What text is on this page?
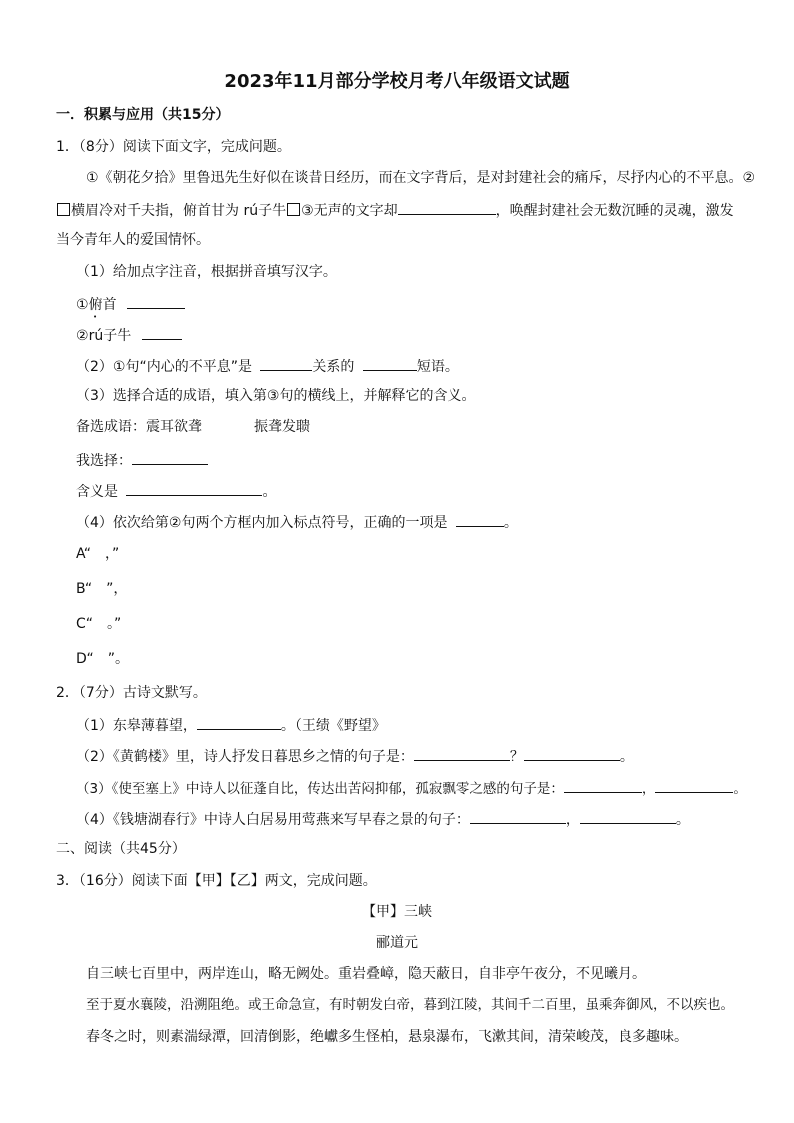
2023年11月部分学校月考八年级语文试题
一．积累与应用（共15分）
1．（8分）阅读下面文字，完成问题。
①《朝花夕拾》里鲁迅先生好似在谈昔日经历，而在文字背后，是对封建社会的痛斥，尽抒内心的不平息。②
横眉冷对千夫指，俯首甘为 rú子牛 ③无声的文字却	，唤醒封建社会无数沉睡的灵魂，激发
当今青年人的爱国情怀。
（1）给加点字注音，根据拼音填写汉字。
①俯首
②rú子牛
（2）①句“内心的不平息”是	关系的	短语。
（3）选择合适的成语，填入第③句的横线上，并解释它的含义。
备选成语：震耳欲聋	振聋发聩
我选择：
含义是	。
（4）依次给第②句两个方框内加入标点符号，正确的一项是	。
A“　，”
B“　”，
C“　。”
D“　”。
2．（7分）古诗文默写。
（1）东皋薄暮望，	。（王绩《野望》
（2）《黄鹤楼》里，诗人抒发日暮思乡之情的句子是：	？	。
（3）《使至塞上》中诗人以征蓬自比，传达出苦闷抑郁，孤寂飘零之感的句子是：	，	。
（4）《钱塘湖春行》中诗人白居易用莺燕来写早春之景的句子：	，	。
二、阅读（共45分）
3．（16分）阅读下面【甲】【乙】两文，完成问题。
【甲】三峡
郦道元
自三峡七百里中，两岸连山，略无阙处。重岩叠嶂，隐天蔽日，自非亭午夜分，不见曦月。
至于夏水襄陵，沿溯阻绝。或王命急宣，有时朝发白帝，暮到江陵，其间千二百里，虽乘奔御风，不以疾也。
春冬之时，则素湍绿潭，回清倒影，绝巘多生怪柏，悬泉瀑布，飞漱其间，清荣峻茂，良多趣味。
